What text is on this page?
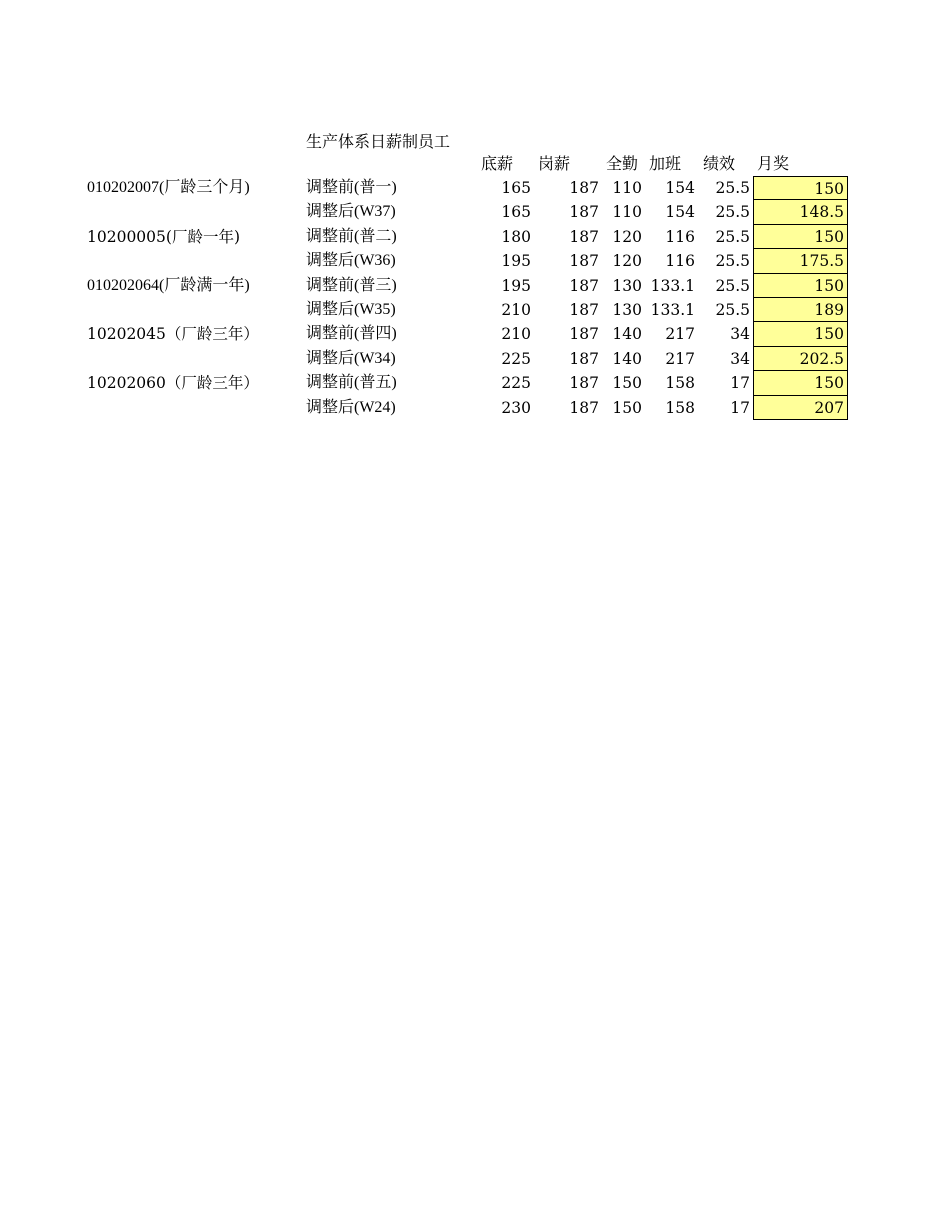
生产体系日薪制员工
底薪 岗薪 全勤 加班 绩效 月奖
010202007(厂龄三个月)	调整前(普一)	165	187 110	154	25.5	150
调整后(W37)	165	187 110	154	25.5	148.5
10200005(厂龄一年)	调整前(普二)	180	187 120	116	25.5	150
调整后(W36)	195	187 120	116	25.5	175.5
010202064(厂龄满一年)	调整前(普三)	195	187 130 133.1	25.5	150
调整后(W35)	210	187 130 133.1	25.5	189
10202045（厂龄三年）	调整前(普四)	210	187 140	217	34	150
调整后(W34)	225	187 140	217	34	202.5
10202060（厂龄三年）	调整前(普五)	225	187 150	158	17	150
调整后(W24)	230	187 150	158	17	207
